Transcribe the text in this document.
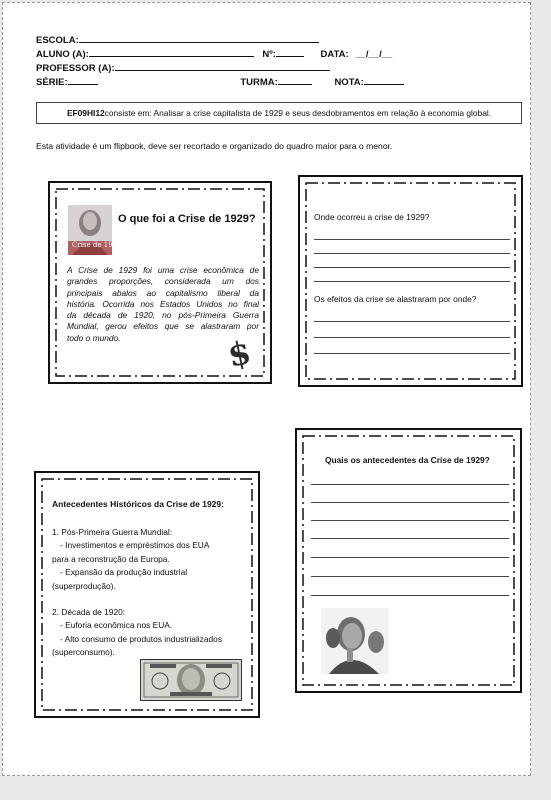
ESCOLA:
ALUNO (A):	Nº:	DATA: __/__/__
PROFESSOR (A):
SÉRIE:	TURMA:	NOTA:
EF09HI12 consiste em: Analisar a crise capitalista de 1929 e seus desdobramentos em relação à economia global.
Esta atividade é um flipbook, deve ser recortado e organizado do quadro maior para o menor.
Crise de 1929
O que foi a Crise de 1929?
A Crise de 1929 foi uma crise econômica de
grandes proporções, considerada um dos
principais abalos ao capitalismo liberal da
história. Ocorrida nos Estados Unidos no final
da década de 1920, no pós-Primeira Guerra
Mundial, gerou efeitos que se alastraram por
todo o mundo.	$
Onde ocorreu a crise de 1929?
Os efeitos da crise se alastraram por onde?
Quais os antecedentes da Crise de 1929?
Antecedentes Históricos da Crise de 1929:
1. Pós-Primeira Guerra Mundial:
- Investimentos e empréstimos dos EUA
para a reconstrução da Europa.
- Expansão da produção industrial
(superprodução).
2. Década de 1920:
- Euforia econômica nos EUA.
- Alto consumo de produtos industrializados
(superconsumo).
